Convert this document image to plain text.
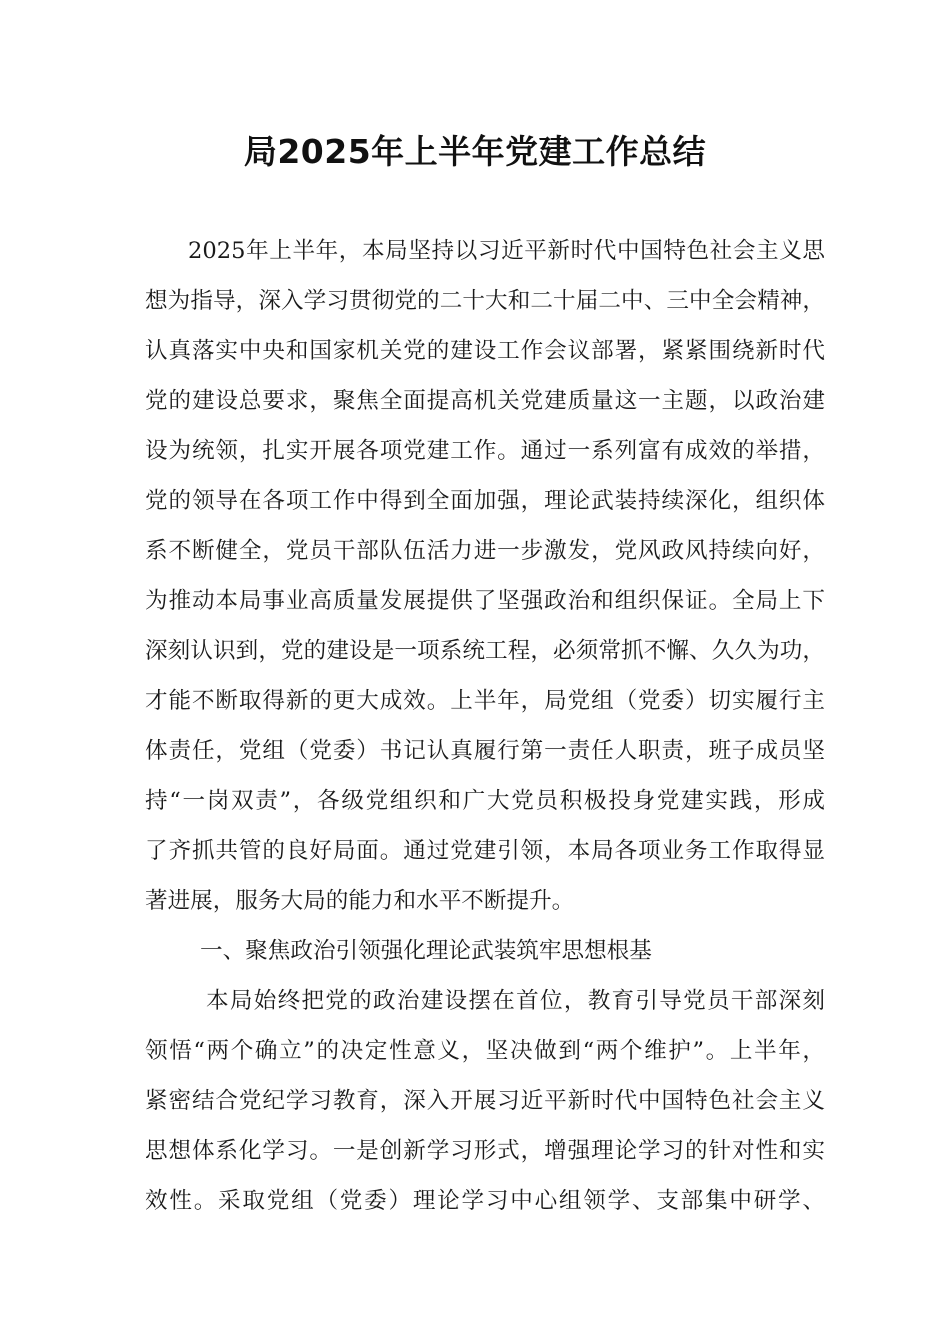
局2025年上半年党建工作总结
2025年上半年，本局坚持以习近平新时代中国特色社会主义思
想为指导，深入学习贯彻党的二十大和二十届二中、三中全会精神，
认真落实中央和国家机关党的建设工作会议部署，紧紧围绕新时代
党的建设总要求，聚焦全面提高机关党建质量这一主题，以政治建
设为统领，扎实开展各项党建工作。通过一系列富有成效的举措，
党的领导在各项工作中得到全面加强，理论武装持续深化，组织体
系不断健全，党员干部队伍活力进一步激发，党风政风持续向好，
为推动本局事业高质量发展提供了坚强政治和组织保证。全局上下
深刻认识到，党的建设是一项系统工程，必须常抓不懈、久久为功，
才能不断取得新的更大成效。上半年，局党组（党委）切实履行主
体责任，党组（党委）书记认真履行第一责任人职责，班子成员坚
持“一岗双责”，各级党组织和广大党员积极投身党建实践，形成
了齐抓共管的良好局面。通过党建引领，本局各项业务工作取得显
著进展，服务大局的能力和水平不断提升。
一、聚焦政治引领强化理论武装筑牢思想根基
本局始终把党的政治建设摆在首位，教育引导党员干部深刻
领悟“两个确立”的决定性意义，坚决做到“两个维护”。上半年，
紧密结合党纪学习教育，深入开展习近平新时代中国特色社会主义
思想体系化学习。一是创新学习形式，增强理论学习的针对性和实
效性。采取党组（党委）理论学习中心组领学、支部集中研学、
